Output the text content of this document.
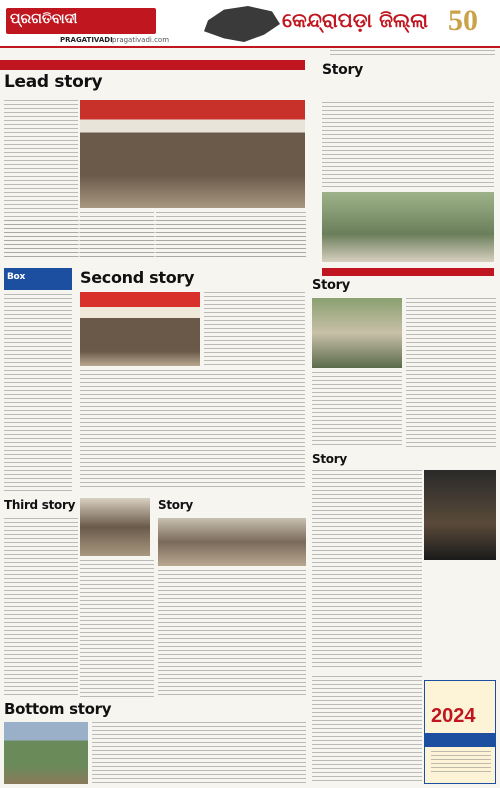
ପ୍ରଗତିବାଦୀ
PRAGATIVADI pragativadi.com
କେନ୍ଦ୍ରାପଡ଼ା ଜିଲ୍ଲା 50
Lead story
Story
Box	Second story	Story
Third story	Story
Story
Bottom story	2024
